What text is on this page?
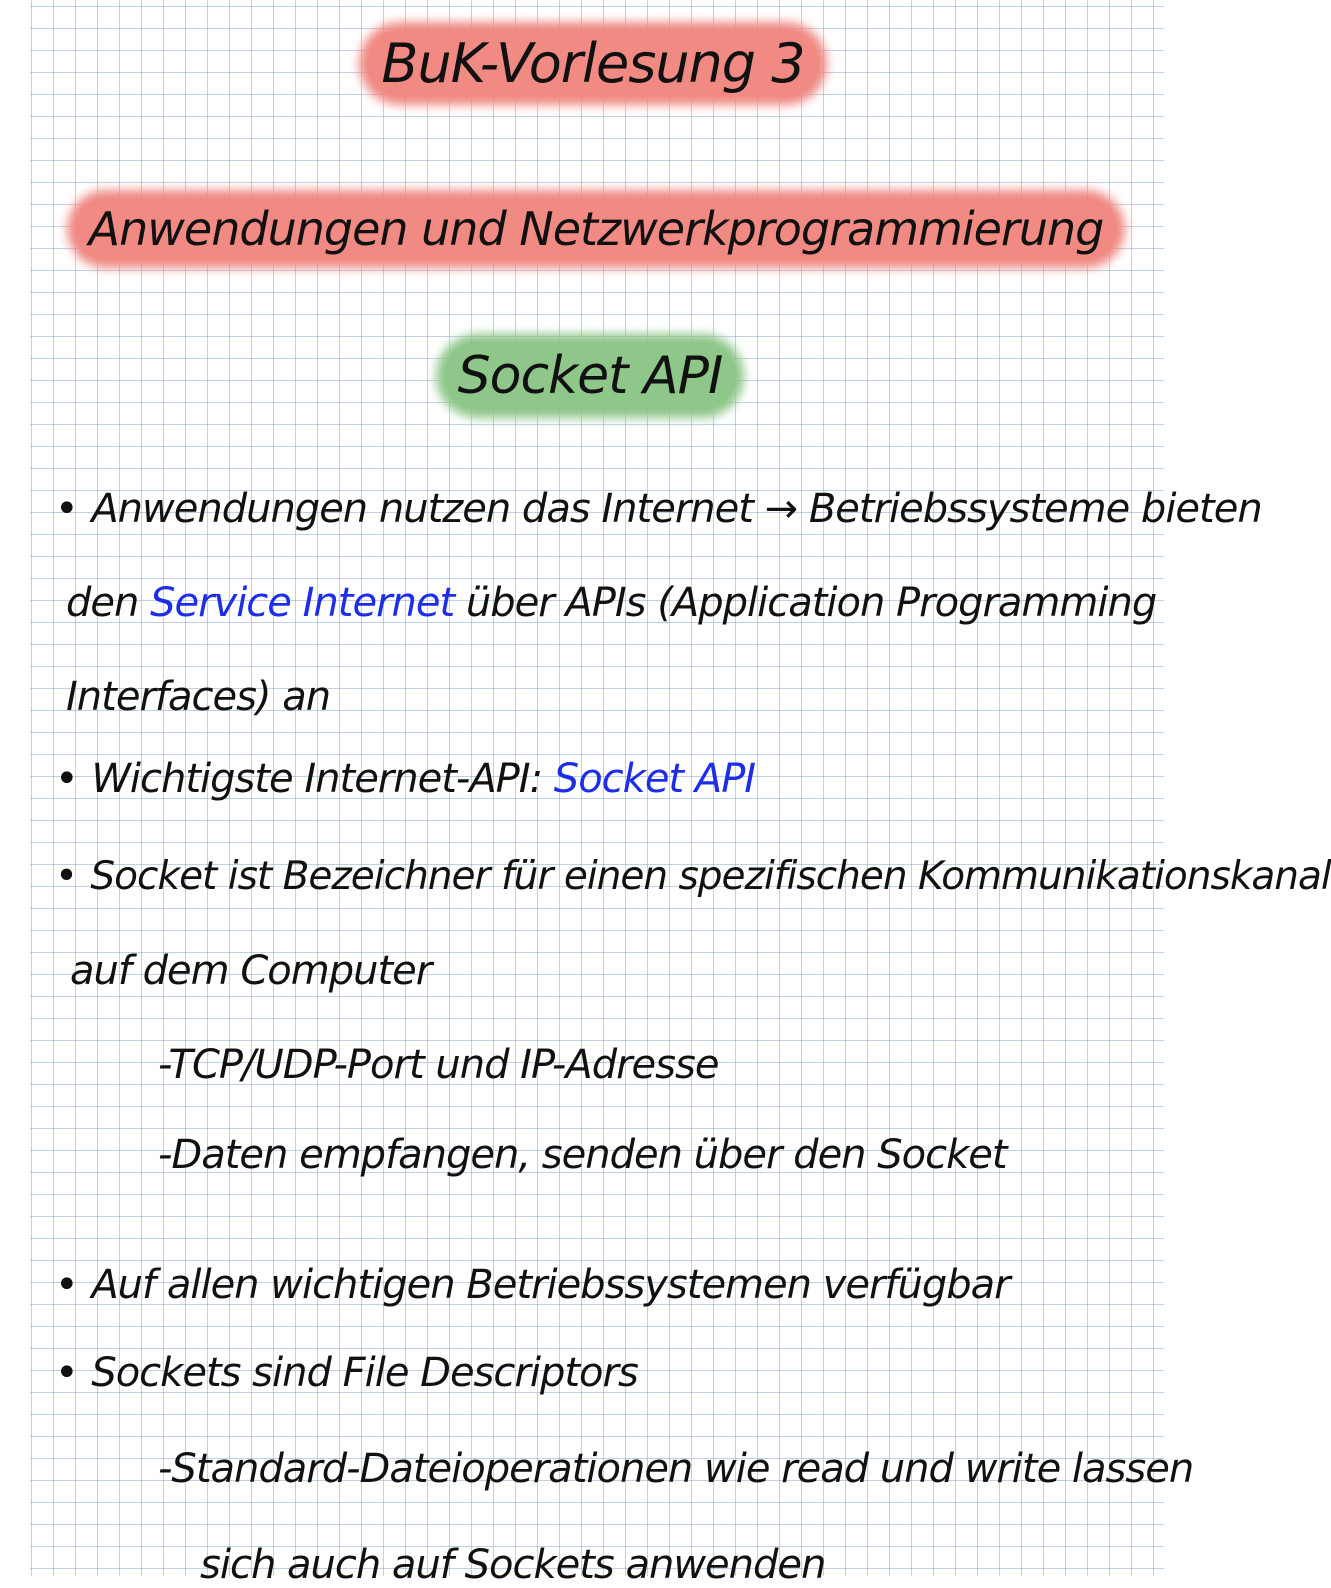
BuK-Vorlesung 3
Anwendungen und Netzwerkprogrammierung
Socket API
• Anwendungen nutzen das Internet → Betriebssysteme bieten
den Service Internet über APIs (Application Programming
Interfaces) an
• Wichtigste Internet-API: Socket API
• Socket ist Bezeichner für einen spezifischen Kommunikationskanal
auf dem Computer
-TCP/UDP-Port und IP-Adresse
-Daten empfangen, senden über den Socket
• Auf allen wichtigen Betriebssystemen verfügbar
• Sockets sind File Descriptors
-Standard-Dateioperationen wie read und write lassen
sich auch auf Sockets anwenden
